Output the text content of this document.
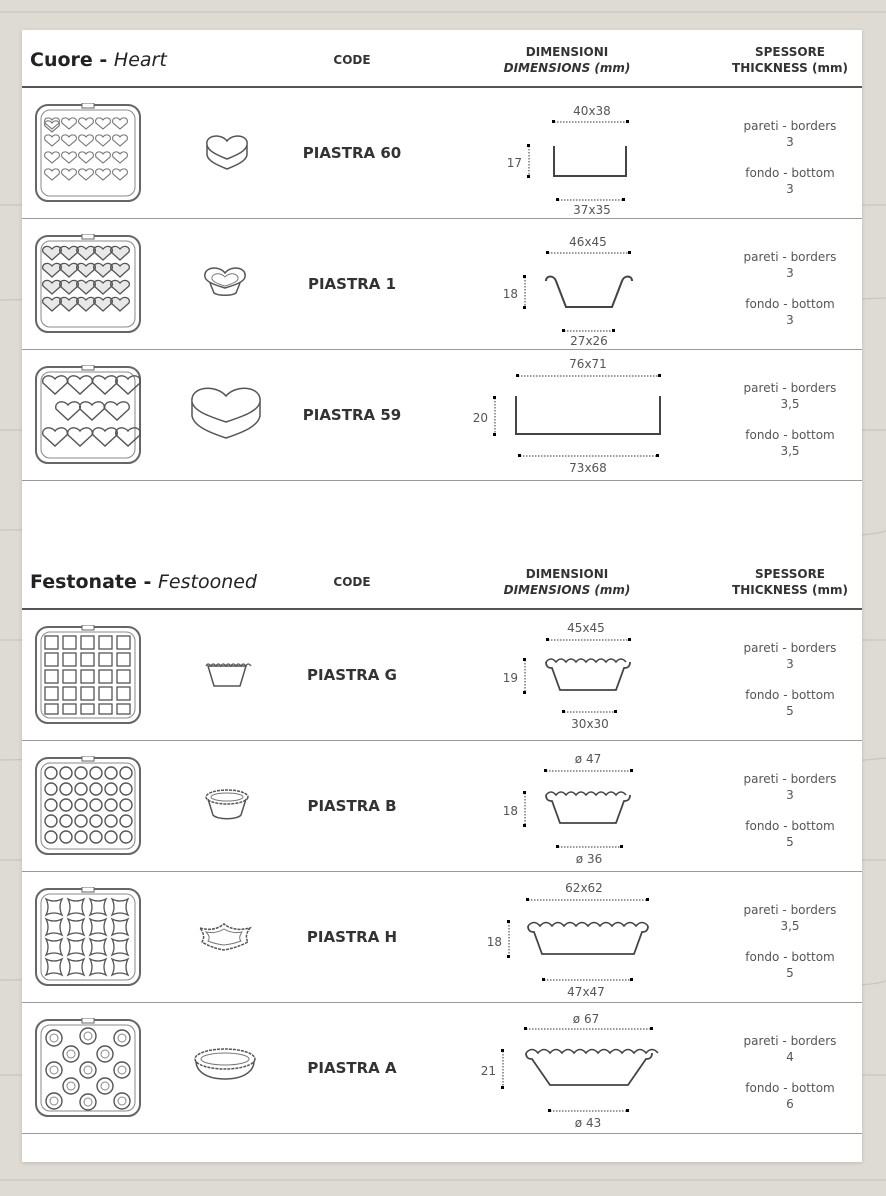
Cuore - Heart	CODE
DIMENSIONI
DIMENSIONS (mm)
SPESSORE
THICKNESS (mm)
PIASTRA 60
40x38
17
37x35
pareti - borders
3
fondo - bottom
3
PIASTRA 1
46x45
18
27x26
pareti - borders
3
fondo - bottom
3
PIASTRA 59
76x71
20
73x68
pareti - borders
3,5
fondo - bottom
3,5
Festonate - Festooned	CODE
DIMENSIONI
DIMENSIONS (mm)
SPESSORE
THICKNESS (mm)
PIASTRA G
45x45
19
30x30
pareti - borders
3
fondo - bottom
5
PIASTRA B
ø 47
18
ø 36
pareti - borders
3
fondo - bottom
5
PIASTRA H
62x62
18
47x47
pareti - borders
3,5
fondo - bottom
5
PIASTRA A
ø 67
21
ø 43
pareti - borders
4
fondo - bottom
6
